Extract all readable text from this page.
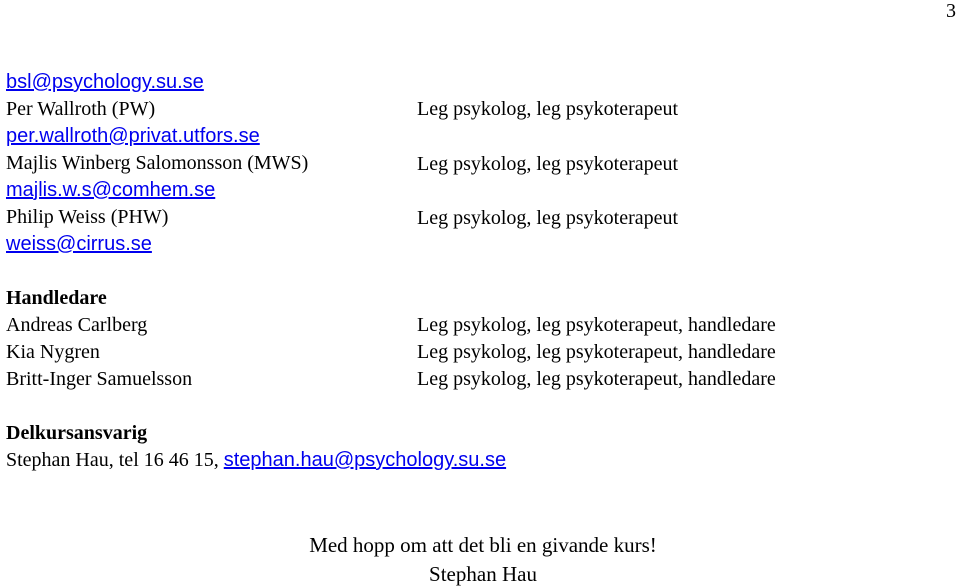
3
bsl@psychology.su.se
Per Wallroth (PW)
per.wallroth@privat.utfors.se
Majlis Winberg Salomonsson (MWS)
majlis.w.s@comhem.se
Philip Weiss (PHW)
weiss@cirrus.se
Leg psykolog, leg psykoterapeut
Leg psykolog, leg psykoterapeut
Leg psykolog, leg psykoterapeut
Handledare
Andreas Carlberg
Kia Nygren
Britt-Inger Samuelsson
Leg psykolog, leg psykoterapeut, handledare
Leg psykolog, leg psykoterapeut, handledare
Leg psykolog, leg psykoterapeut, handledare
Delkursansvarig
Stephan Hau, tel 16 46 15, stephan.hau@psychology.su.se
Med hopp om att det bli en givande kurs!
Stephan Hau
